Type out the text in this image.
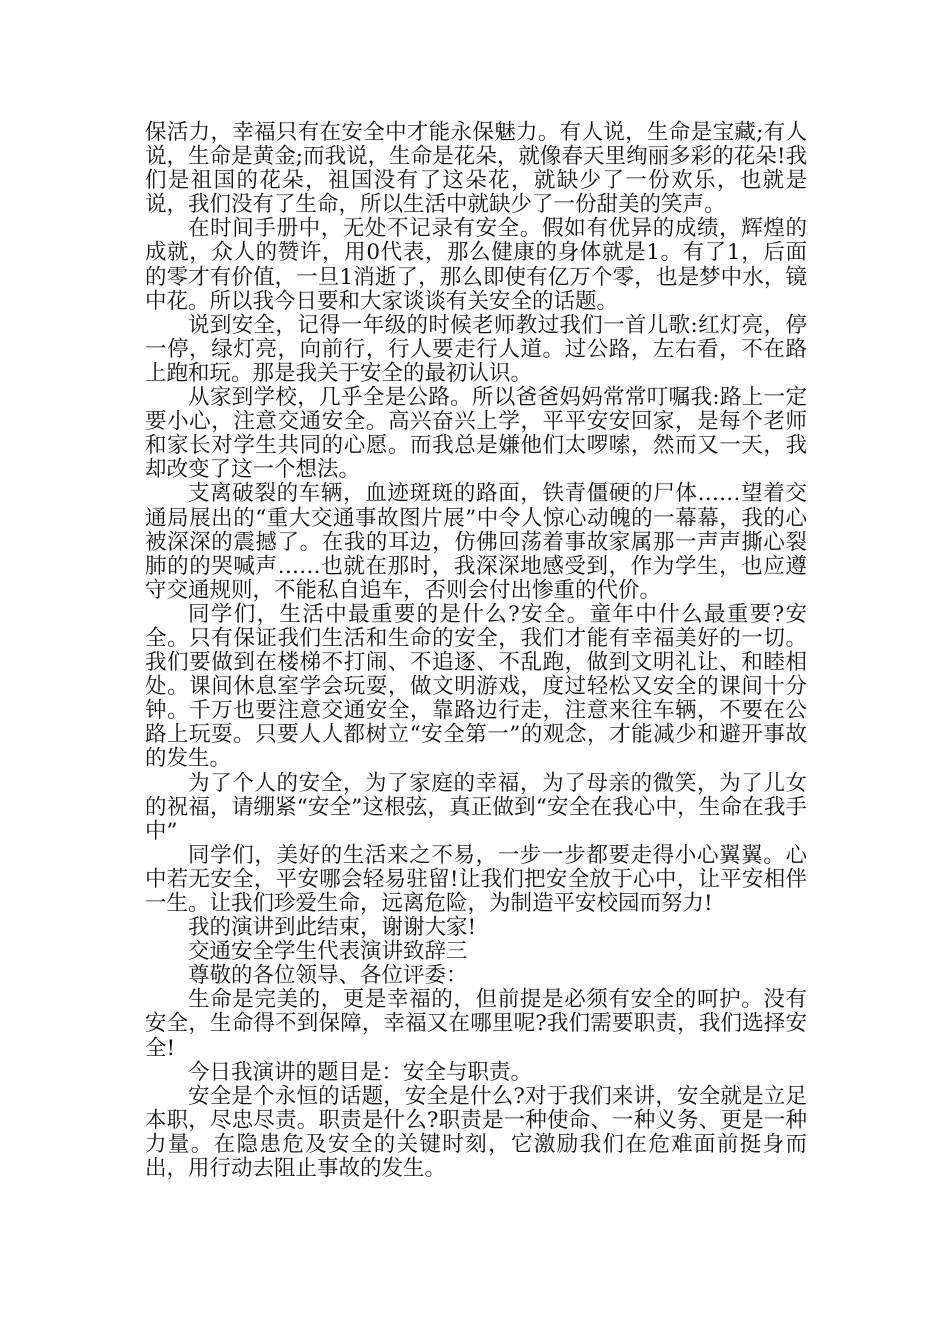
保活力，幸福只有在安全中才能永保魅力。有人说，生命是宝藏;有人说，生命是黄金;而我说，生命是花朵，就像春天里绚丽多彩的花朵!我们是祖国的花朵，祖国没有了这朵花，就缺少了一份欢乐，也就是说，我们没有了生命，所以生活中就缺少了一份甜美的笑声。

在时间手册中，无处不记录有安全。假如有优异的成绩，辉煌的成就，众人的赞许，用0代表，那么健康的身体就是1。有了1，后面的零才有价值，一旦1消逝了，那么即使有亿万个零，也是梦中水，镜中花。所以我今日要和大家谈谈有关安全的话题。

说到安全，记得一年级的时候老师教过我们一首儿歌:红灯亮，停一停，绿灯亮，向前行，行人要走行人道。过公路，左右看，不在路上跑和玩。那是我关于安全的最初认识。

从家到学校，几乎全是公路。所以爸爸妈妈常常叮嘱我:路上一定要小心，注意交通安全。高兴奋兴上学，平平安安回家，是每个老师和家长对学生共同的心愿。而我总是嫌他们太啰嗦，然而又一天，我却改变了这一个想法。

支离破裂的车辆，血迹斑斑的路面，铁青僵硬的尸体……望着交通局展出的“重大交通事故图片展”中令人惊心动魄的一幕幕，我的心被深深的震撼了。在我的耳边，仿佛回荡着事故家属那一声声撕心裂肺的的哭喊声……也就在那时，我深深地感受到，作为学生，也应遵守交通规则，不能私自追车，否则会付出惨重的代价。

同学们，生活中最重要的是什么?安全。童年中什么最重要?安全。只有保证我们生活和生命的安全，我们才能有幸福美好的一切。我们要做到在楼梯不打闹、不追逐、不乱跑，做到文明礼让、和睦相处。课间休息室学会玩耍，做文明游戏，度过轻松又安全的课间十分钟。千万也要注意交通安全，靠路边行走，注意来往车辆，不要在公路上玩耍。只要人人都树立“安全第一”的观念，才能减少和避开事故的发生。

为了个人的安全，为了家庭的幸福，为了母亲的微笑，为了儿女的祝福，请绷紧“安全”这根弦，真正做到“安全在我心中，生命在我手中”

同学们，美好的生活来之不易，一步一步都要走得小心翼翼。心中若无安全，平安哪会轻易驻留!让我们把安全放于心中，让平安相伴一生。让我们珍爱生命，远离危险，为制造平安校园而努力!

我的演讲到此结束，谢谢大家!

交通安全学生代表演讲致辞三

尊敬的各位领导、各位评委：

生命是完美的，更是幸福的，但前提是必须有安全的呵护。没有安全，生命得不到保障，幸福又在哪里呢?我们需要职责，我们选择安全!

今日我演讲的题目是：安全与职责。

安全是个永恒的话题，安全是什么?对于我们来讲，安全就是立足本职，尽忠尽责。职责是什么?职责是一种使命、一种义务、更是一种力量。在隐患危及安全的关键时刻，它激励我们在危难面前挺身而出，用行动去阻止事故的发生。
